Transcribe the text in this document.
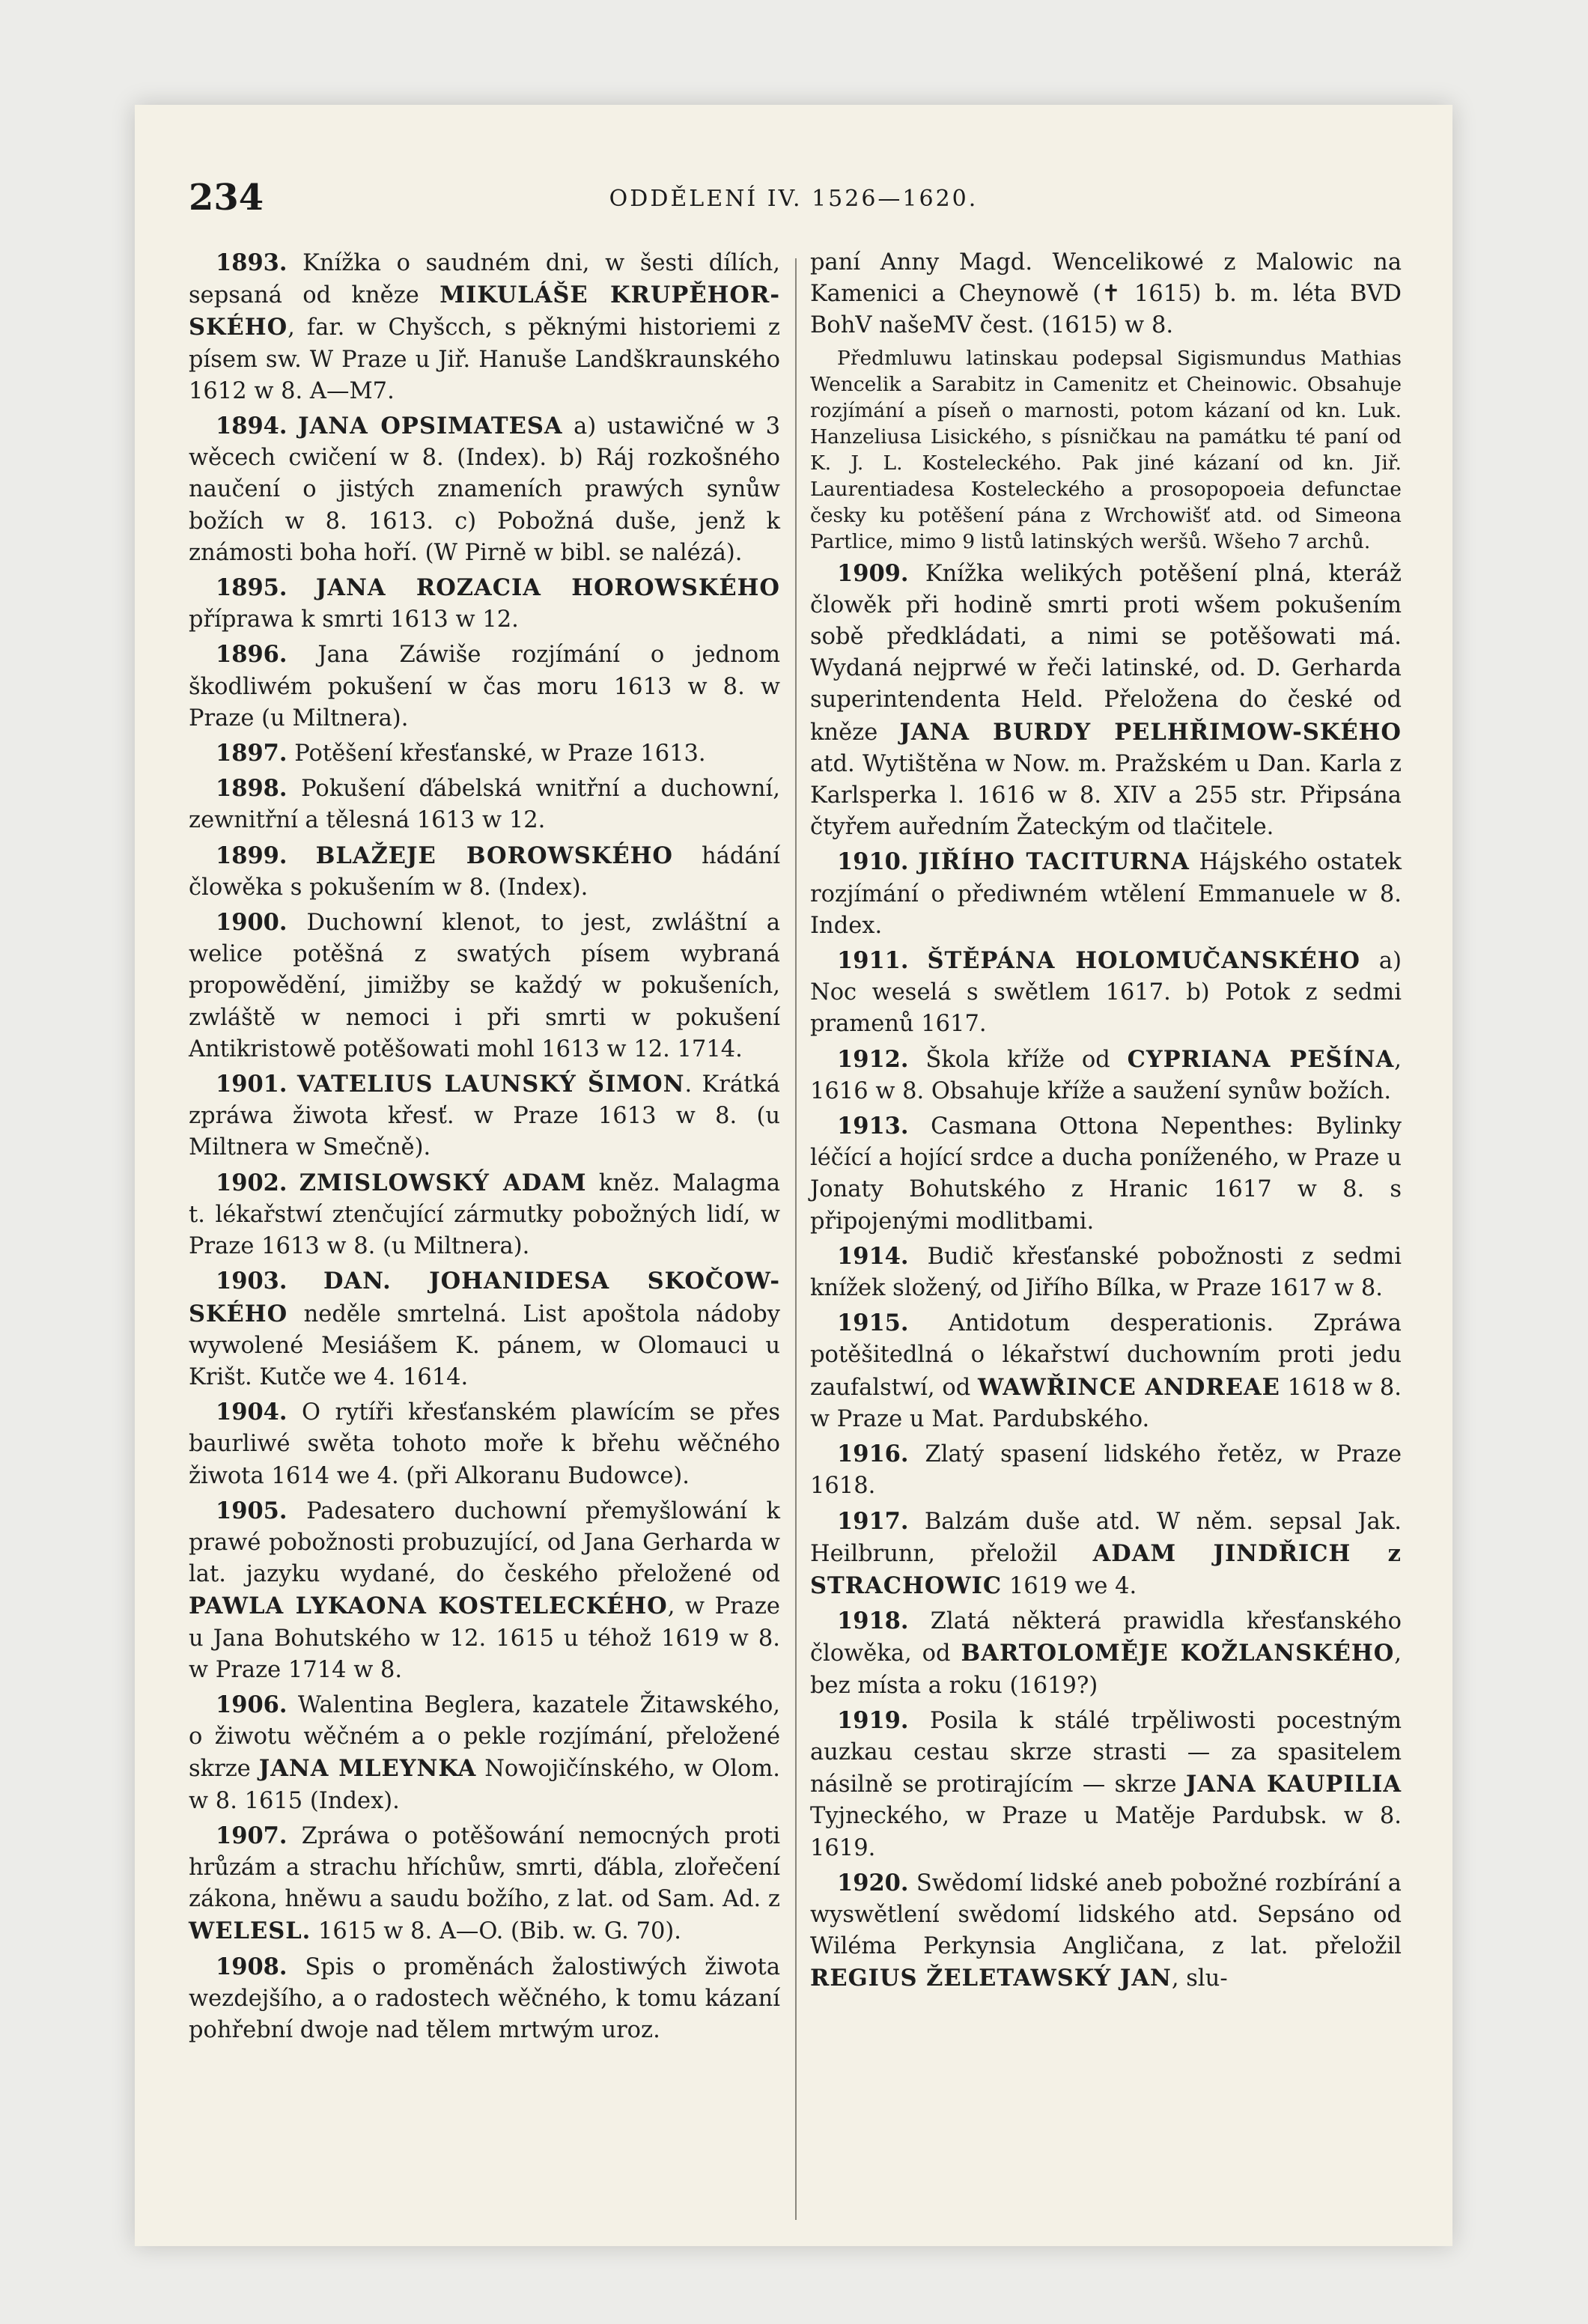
234	ODDĚLENÍ IV. 1526—1620.

1893. Knížka o saudném dni, w šesti dílích, sepsaná od kněze MIKULÁŠE KRUPĚHOR-SKÉHO, far. w Chyšcch, s pěknými historiemi z písem sw. W Praze u Jiř. Hanuše Landškraunského 1612 w 8. A—M7.

1894. JANA OPSIMATESA a) ustawičné w 3 wěcech cwičení w 8. (Index). b) Ráj rozkošného naučení o jistých znameních prawých synůw božích w 8. 1613. c) Pobožná duše, jenž k známosti boha hoří. (W Pirně w bibl. se nalézá).

1895. JANA ROZACIA HOROWSKÉHO příprawa k smrti 1613 w 12.

1896. Jana Záwiše rozjímání o jednom škodliwém pokušení w čas moru 1613 w 8. w Praze (u Miltnera).

1897. Potěšení křesťanské, w Praze 1613.

1898. Pokušení ďábelská wnitřní a duchowní, zewnitřní a tělesná 1613 w 12.

1899. BLAŽEJE BOROWSKÉHO hádání člowěka s pokušením w 8. (Index).

1900. Duchowní klenot, to jest, zwláštní a welice potěšná z swatých písem wybraná propowědění, jimižby se každý w pokušeních, zwláště w nemoci i při smrti w pokušení Antikristowě potěšowati mohl 1613 w 12. 1714.

1901. VATELIUS LAUNSKÝ ŠIMON. Krátká zpráwa žiwota křesť. w Praze 1613 w 8. (u Miltnera w Smečně).

1902. ZMISLOWSKÝ ADAM kněz. Malagma t. lékařstwí ztenčující zármutky pobožných lidí, w Praze 1613 w 8. (u Miltnera).

1903. DAN. JOHANIDESA SKOČOW-SKÉHO neděle smrtelná. List apoštola nádoby wywolené Mesiášem K. pánem, w Olomauci u Krišt. Kutče we 4. 1614.

1904. O rytíři křesťanském plawícím se přes baurliwé swěta tohoto moře k břehu wěčného žiwota 1614 we 4. (při Alkoranu Budowce).

1905. Padesatero duchowní přemyšlowání k prawé pobožnosti probuzující, od Jana Gerharda w lat. jazyku wydané, do českého přeložené od PAWLA LYKAONA KOSTELECKÉHO, w Praze u Jana Bohutského w 12. 1615 u téhož 1619 w 8. w Praze 1714 w 8.

1906. Walentina Beglera, kazatele Žitawského, o žiwotu wěčném a o pekle rozjímání, přeložené skrze JANA MLEYNKA Nowojičínského, w Olom. w 8. 1615 (Index).

1907. Zpráwa o potěšowání nemocných proti hrůzám a strachu hříchůw, smrti, ďábla, zlořečení zákona, hněwu a saudu božího, z lat. od Sam. Ad. z WELESL. 1615 w 8. A—O. (Bib. w. G. 70).

1908. Spis o proměnách žalostiwých žiwota wezdejšího, a o radostech wěčného, k tomu kázaní pohřební dwoje nad tělem mrtwým uroz.

paní Anny Magd. Wencelikowé z Malowic na Kamenici a Cheynowě (✝ 1615) b. m. léta BVD BohV našeMV čest. (1615) w 8.

Předmluwu latinskau podepsal Sigismundus Mathias Wencelik a Sarabitz in Camenitz et Cheinowic. Obsahuje rozjímání a píseň o marnosti, potom kázaní od kn. Luk. Hanzeliusa Lisického, s písničkau na památku té paní od K. J. L. Kosteleckého. Pak jiné kázaní od kn. Jiř. Laurentiadesa Kosteleckého a prosopopoeia defunctae česky ku potěšení pána z Wrchowišť atd. od Simeona Partlice, mimo 9 listů latinských weršů. Wšeho 7 archů.

1909. Knížka welikých potěšení plná, kteráž člowěk při hodině smrti proti wšem pokušením sobě předkládati, a nimi se potěšowati má. Wydaná nejprwé w řeči latinské, od. D. Gerharda superintendenta Held. Přeložena do české od kněze JANA BURDY PELHŘIMOW-SKÉHO atd. Wytištěna w Now. m. Pražském u Dan. Karla z Karlsperka l. 1616 w 8. XIV a 255 str. Připsána čtyřem auředním Žateckým od tlačitele.

1910. JIŘÍHO TACITURNA Hájského ostatek rozjímání o přediwném wtělení Emmanuele w 8. Index.

1911. ŠTĚPÁNA HOLOMUČANSKÉHO a) Noc weselá s swětlem 1617. b) Potok z sedmi pramenů 1617.

1912. Škola kříže od CYPRIANA PEŠÍNA, 1616 w 8. Obsahuje kříže a saužení synůw božích.

1913. Casmana Ottona Nepenthes: Bylinky léčící a hojící srdce a ducha poníženého, w Praze u Jonaty Bohutského z Hranic 1617 w 8. s připojenými modlitbami.

1914. Budič křesťanské pobožnosti z sedmi knížek složený, od Jiřího Bílka, w Praze 1617 w 8.

1915. Antidotum desperationis. Zpráwa potěšitedlná o lékařstwí duchowním proti jedu zaufalstwí, od WAWŘINCE ANDREAE 1618 w 8. w Praze u Mat. Pardubského.

1916. Zlatý spasení lidského řetěz, w Praze 1618.

1917. Balzám duše atd. W něm. sepsal Jak. Heilbrunn, přeložil ADAM JINDŘICH z STRACHOWIC 1619 we 4.

1918. Zlatá některá prawidla křesťanského člowěka, od BARTOLOMĚJE KOŽLANSKÉHO, bez místa a roku (1619?)

1919. Posila k stálé trpěliwosti pocestným auzkau cestau skrze strasti — za spasitelem násilně se protirajícím — skrze JANA KAUPILIA Tyjneckého, w Praze u Matěje Pardubsk. w 8. 1619.

1920. Swědomí lidské aneb pobožné rozbírání a wyswětlení swědomí lidského atd. Sepsáno od Wiléma Perkynsia Angličana, z lat. přeložil REGIUS ŽELETAWSKÝ JAN, slu-
